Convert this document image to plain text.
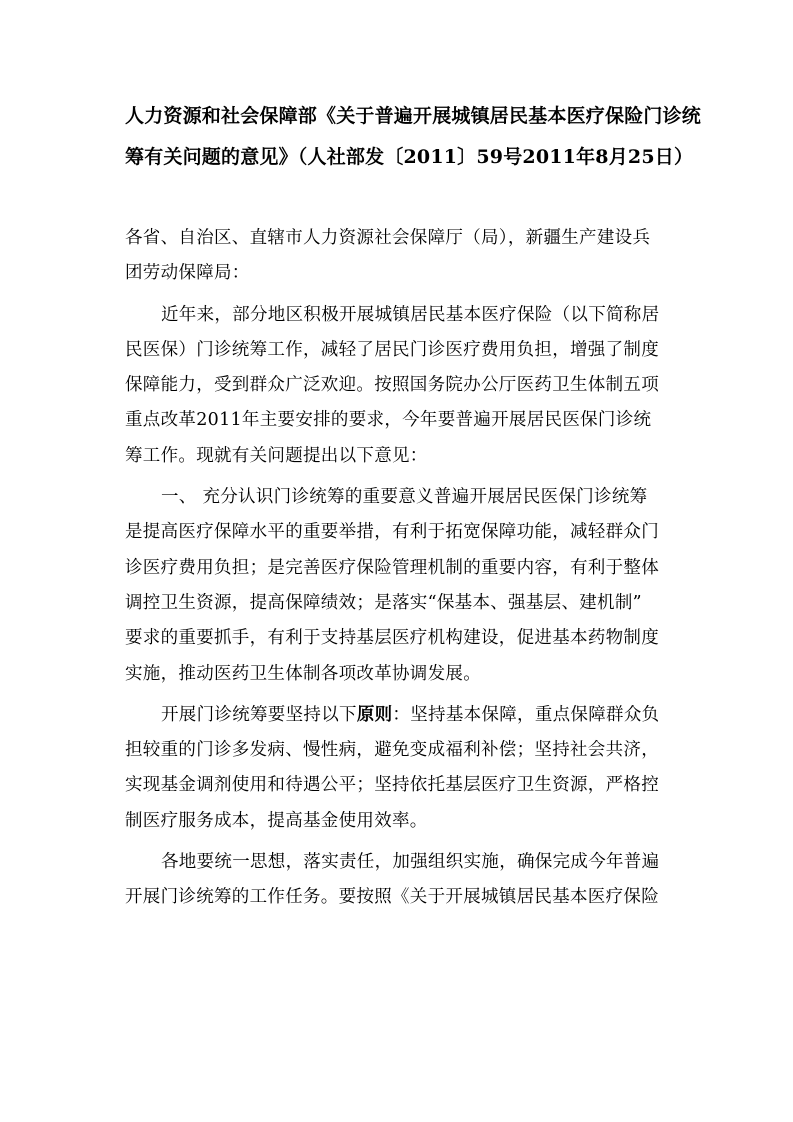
人力资源和社会保障部《关于普遍开展城镇居民基本医疗保险门诊统
筹有关问题的意见》（人社部发〔2011〕59号2011年8月25日）

各省、自治区、直辖市人力资源社会保障厅（局），新疆生产建设兵
团劳动保障局：

近年来，部分地区积极开展城镇居民基本医疗保险（以下简称居
民医保）门诊统筹工作，减轻了居民门诊医疗费用负担，增强了制度
保障能力，受到群众广泛欢迎。按照国务院办公厅医药卫生体制五项
重点改革2011年主要安排的要求，今年要普遍开展居民医保门诊统
筹工作。现就有关问题提出以下意见：

一、 充分认识门诊统筹的重要意义普遍开展居民医保门诊统筹
是提高医疗保障水平的重要举措，有利于拓宽保障功能，减轻群众门
诊医疗费用负担；是完善医疗保险管理机制的重要内容，有利于整体
调控卫生资源，提高保障绩效；是落实“保基本、强基层、建机制”
要求的重要抓手，有利于支持基层医疗机构建设，促进基本药物制度
实施，推动医药卫生体制各项改革协调发展。

开展门诊统筹要坚持以下原则：坚持基本保障，重点保障群众负
担较重的门诊多发病、慢性病，避免变成福利补偿；坚持社会共济，
实现基金调剂使用和待遇公平；坚持依托基层医疗卫生资源，严格控
制医疗服务成本，提高基金使用效率。

各地要统一思想，落实责任，加强组织实施，确保完成今年普遍
开展门诊统筹的工作任务。要按照《关于开展城镇居民基本医疗保险
